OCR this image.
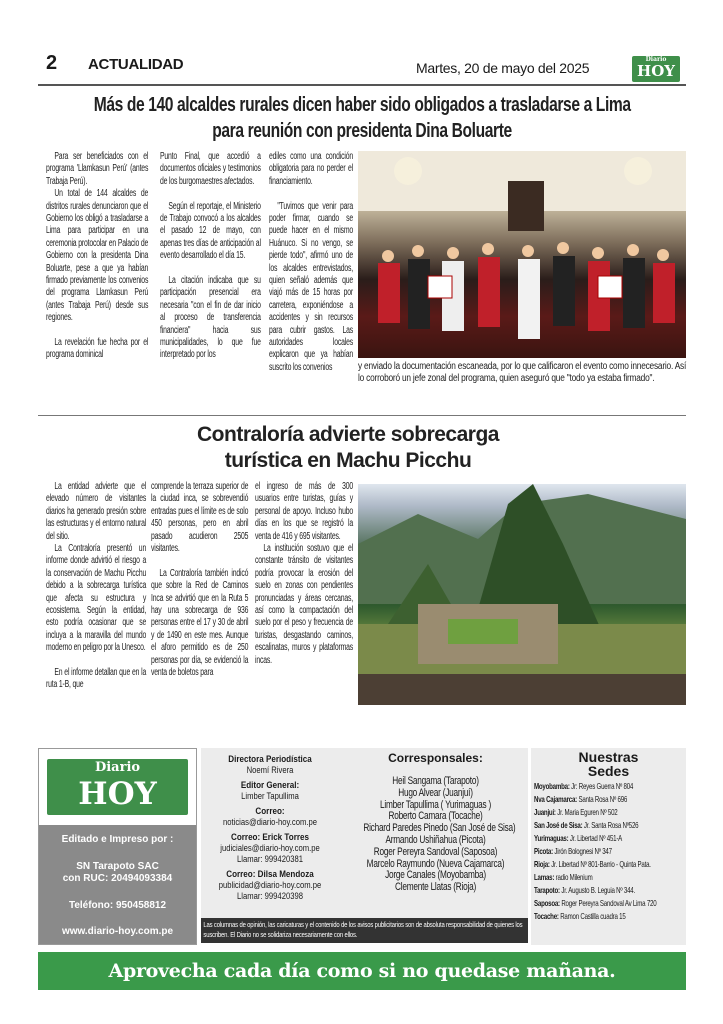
2 ACTUALIDAD	Martes, 20 de mayo del 2025
Diario
HOY
Más de 140 alcaldes rurales dicen haber sido obligados a trasladarse a Lima
para reunión con presidenta Dina Boluarte

Para ser beneficiados con el programa 'Llamkasun Perú' (antes Trabaja Perú).

Un total de 144 alcaldes de distritos rurales denunciaron que el Gobierno los obligó a trasladarse a Lima para participar en una ceremonia protocolar en Palacio de Gobierno con la presidenta Dina Boluarte, pese a que ya habían firmado previamente los convenios del programa Llamkasun Perú (antes Trabaja Perú) desde sus regiones.

La revelación fue hecha por el programa dominical

Punto Final, que accedió a documentos oficiales y testimonios de los burgomaestres afectados.

Según el reportaje, el Ministerio de Trabajo convocó a los alcaldes el pasado 12 de mayo, con apenas tres días de anticipación al evento desarrollado el día 15.

La citación indicaba que su participación presencial era necesaria "con el fin de dar inicio al proceso de transferencia financiera" hacia sus municipalidades, lo que fue interpretado por los

ediles como una condición obligatoria para no perder el financiamiento.

"Tuvimos que venir para poder firmar, cuando se puede hacer en el mismo Huánuco. Si no vengo, se pierde todo", afirmó uno de los alcaldes entrevistados, quien señaló además que viajó más de 15 horas por carretera, exponiéndose a accidentes y sin recursos para cubrir gastos. Las autoridades locales explicaron que ya habían suscrito los convenios	y enviado la documentación escaneada, por lo que calificaron el evento como innecesario. Así lo corroboró un jefe zonal del programa, quien aseguró que "todo ya estaba firmado".

Contraloría advierte sobrecarga
turística en Machu Picchu

La entidad advierte que el elevado número de visitantes diarios ha generado presión sobre las estructuras y el entorno natural del sitio.

La Contraloría presentó un informe donde advirtió el riesgo a la conservación de Machu Picchu debido a la sobrecarga turística que afecta su estructura y ecosistema. Según la entidad, esto podría ocasionar que se incluya a la maravilla del mundo moderno en peligro por la Unesco.

En el informe detallan que en la ruta 1-B, que

comprende la terraza superior de la ciudad inca, se sobrevendió entradas pues el límite es de solo 450 personas, pero en abril pasado acudieron 2505 visitantes.

La Contraloría también indicó que sobre la Red de Caminos Inca se advirtió que en la Ruta 5 hay una sobrecarga de 936 personas entre el 17 y 30 de abril y de 1490 en este mes. Aunque el aforo permitido es de 250 personas por día, se evidenció la venta de boletos para

el ingreso de más de 300 usuarios entre turistas, guías y personal de apoyo. Incluso hubo días en los que se registró la venta de 416 y 695 visitantes.

La institución sostuvo que el constante tránsito de visitantes podría provocar la erosión del suelo en zonas con pendientes pronunciadas y áreas cercanas, así como la compactación del suelo por el peso y frecuencia de turistas, desgastando caminos, escalinatas, muros y plataformas incas.

Diario
HOY
Editado e Impreso por :
SN Tarapoto SAC
con RUC: 20494093384
Teléfono: 950458812
www.diario-hoy.com.pe
Directora Periodística
Noemí Rivera
Editor General:
Limber Tapullima
Correo:
noticias@diario-hoy.com.pe
Correo: Erick Torres
judiciales@diario-hoy.com.pe
Llamar: 999420381
Correo: Dilsa Mendoza
publicidad@diario-hoy.com.pe
Llamar: 999420398
Corresponsales:
Heil Sangama (Tarapoto)
Hugo Alvear (Juanjuí)
Limber Tapullima ( Yurimaguas )
Roberto Camara (Tocache)
Richard Paredes Pinedo (San José de Sisa)
Armando Ushiñahua (Picota)
Roger Pereyra Sandoval (Saposoa)
Marcelo Raymundo (Nueva Cajamarca)
Jorge Canales (Moyobamba)
Clemente Llatas (Rioja)
Las columnas de opinión, las caricaturas y el contenido de los avisos publicitarios son de absoluta responsabilidad de quienes los suscriben. El Diario no se solidariza necesariamente con ellos.
Nuestras
Sedes
Moyobamba: Jr: Reyes Guerra Nº 804
Nva Cajamarca: Santa Rosa Nº 696
Juanjuí: Jr. Maria Eguren Nº 502
San José de Sisa: Jr. Santa Rosa Nº526
Yurimaguas: Jr. Libertad Nº 451-A
Picota: Jirón Bolognesi Nº 347
Rioja: Jr. Libertad Nº 801-Barrio - Quinta Pata.
Lamas: radio Milenium
Tarapoto: Jr. Augusto B. Leguia Nº 344.
Saposoa: Roger Pereyra Sandoval Av Lima 720
Tocache: Ramon Castilla cuadra 15
Aprovecha cada día como si no quedase mañana.
